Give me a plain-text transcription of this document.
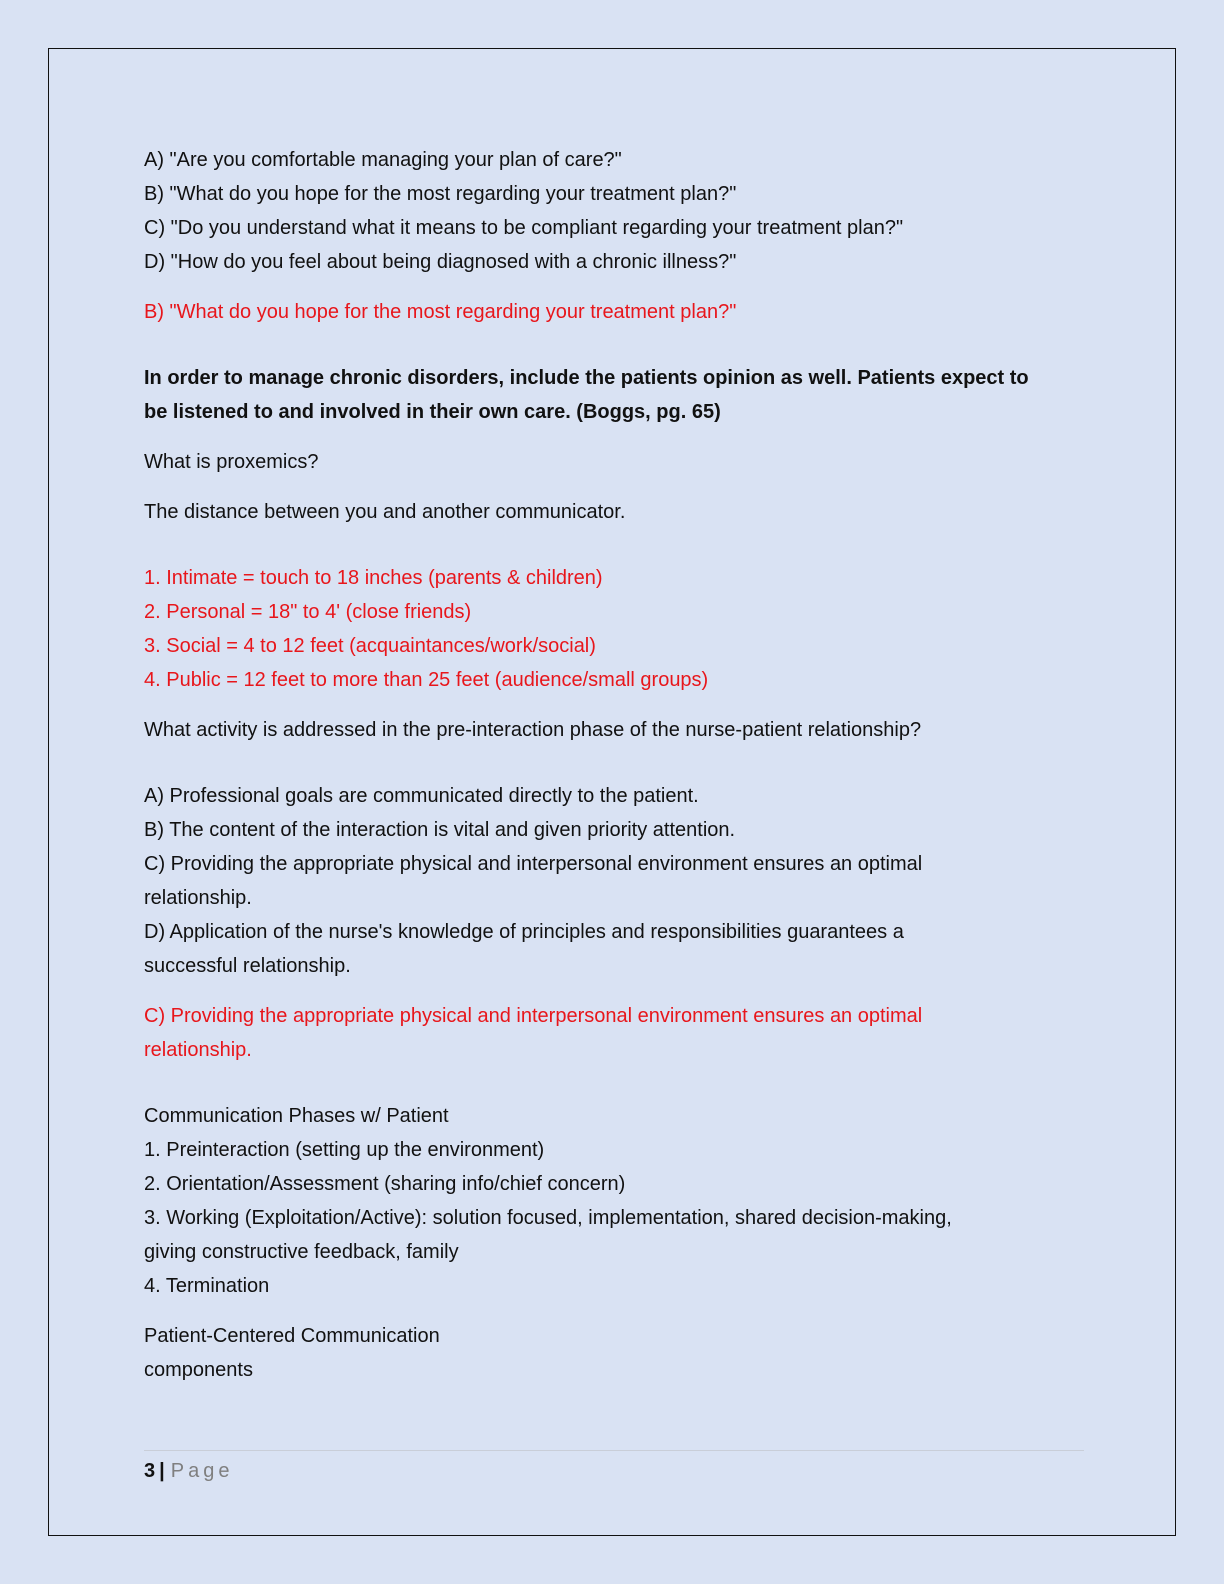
A) "Are you comfortable managing your plan of care?"
B) "What do you hope for the most regarding your treatment plan?"
C) "Do you understand what it means to be compliant regarding your treatment plan?"
D) "How do you feel about being diagnosed with a chronic illness?"
B) "What do you hope for the most regarding your treatment plan?"
In order to manage chronic disorders, include the patients opinion as well. Patients expect to
be listened to and involved in their own care. (Boggs, pg. 65)
What is proxemics?
The distance between you and another communicator.
1. Intimate = touch to 18 inches (parents & children)
2. Personal = 18" to 4' (close friends)
3. Social = 4 to 12 feet (acquaintances/work/social)
4. Public = 12 feet to more than 25 feet (audience/small groups)
What activity is addressed in the pre-interaction phase of the nurse-patient relationship?
A) Professional goals are communicated directly to the patient.
B) The content of the interaction is vital and given priority attention.
C) Providing the appropriate physical and interpersonal environment ensures an optimal
relationship.
D) Application of the nurse's knowledge of principles and responsibilities guarantees a
successful relationship.
C) Providing the appropriate physical and interpersonal environment ensures an optimal
relationship.
Communication Phases w/ Patient
1. Preinteraction (setting up the environment)
2. Orientation/Assessment (sharing info/chief concern)
3. Working (Exploitation/Active): solution focused, implementation, shared decision-making,
giving constructive feedback, family
4. Termination
Patient-Centered Communication
components
3 | Page
